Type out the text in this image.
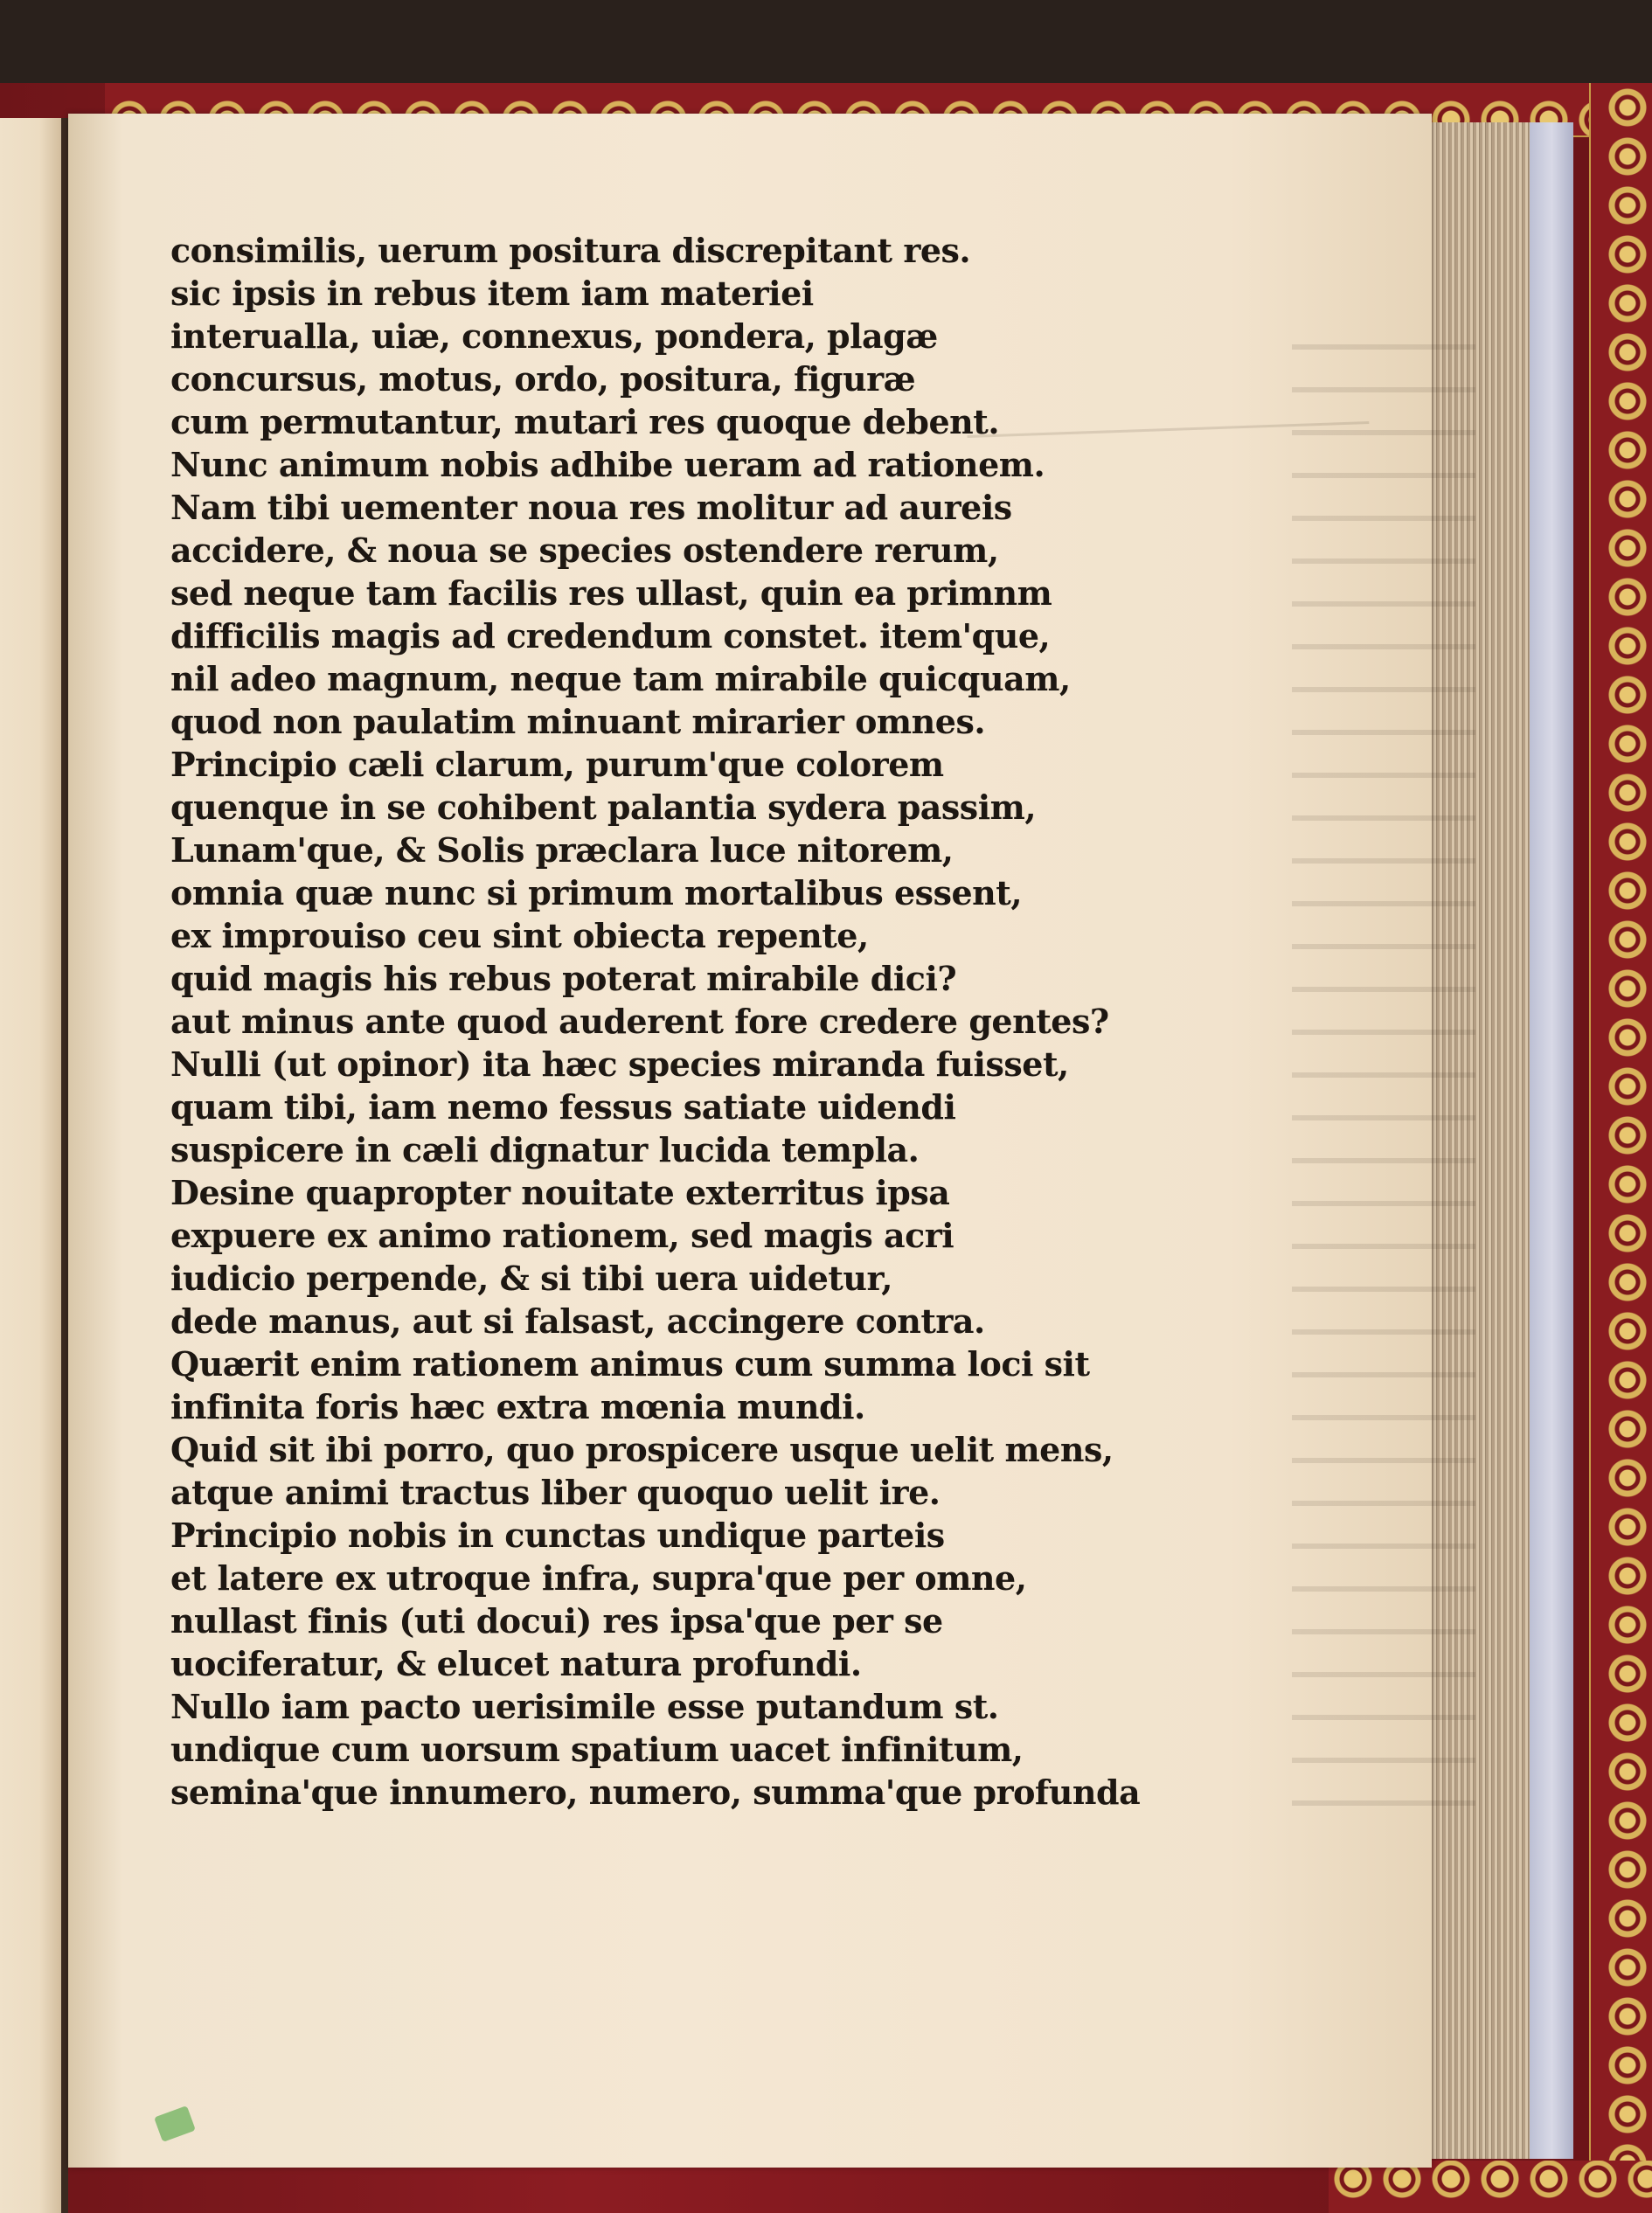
consimilis, uerum positura discrepitant res.
sic ipsis in rebus item iam materiei
interualla, uiæ, connexus, pondera, plagæ
concursus, motus, ordo, positura, figuræ
cum permutantur, mutari res quoque debent.
Nunc animum nobis adhibe ueram ad rationem.
Nam tibi uementer noua res molitur ad aureis
accidere, & noua se species ostendere rerum,
sed neque tam facilis res ullast, quin ea primnm
difficilis magis ad credendum constet. item'que,
nil adeo magnum, neque tam mirabile quicquam,
quod non paulatim minuant mirarier omnes.
Principio cæli clarum, purum'que colorem
quenque in se cohibent palantia sydera passim,
Lunam'que, & Solis præclara luce nitorem,
omnia quæ nunc si primum mortalibus essent,
ex improuiso ceu sint obiecta repente,
quid magis his rebus poterat mirabile dici?
aut minus ante quod auderent fore credere gentes?
Nulli (ut opinor) ita hæc species miranda fuisset,
quam tibi, iam nemo fessus satiate uidendi
suspicere in cæli dignatur lucida templa.
Desine quapropter nouitate exterritus ipsa
expuere ex animo rationem, sed magis acri
iudicio perpende, & si tibi uera uidetur,
dede manus, aut si falsast, accingere contra.
Quærit enim rationem animus cum summa loci sit
infinita foris hæc extra mœnia mundi.
Quid sit ibi porro, quo prospicere usque uelit mens,
atque animi tractus liber quoquo uelit ire.
Principio nobis in cunctas undique parteis
et latere ex utroque infra, supra'que per omne,
nullast finis (uti docui) res ipsa'que per se
uociferatur, & elucet natura profundi.
Nullo iam pacto uerisimile esse putandum st.
undique cum uorsum spatium uacet infinitum,
semina'que innumero, numero, summa'que profunda
